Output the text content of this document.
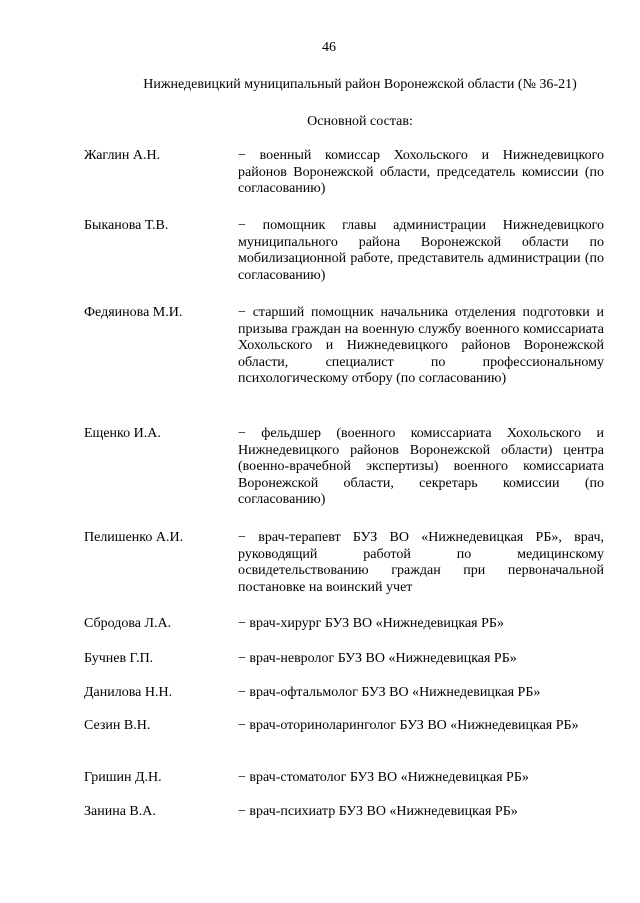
46
Нижнедевицкий муниципальный район Воронежской области (№ 36-21)
Основной состав:
Жаглин А.Н.	− военный комиссар Хохольского и Нижнедевицкого районов Воронежской области, председатель комиссии (по согласованию)
Быканова Т.В.	− помощник главы администрации Нижнедевицкого муниципального района Воронежской области по мобилизационной работе, представитель администрации (по согласованию)
Федяинова М.И.	− старший помощник начальника отделения подготовки и призыва граждан на военную службу военного комиссариата Хохольского и Нижнедевицкого районов Воронежской области, специалист по профессиональному психологическому отбору (по согласованию)
Ещенко И.А.	− фельдшер (военного комиссариата Хохольского и Нижнедевицкого районов Воронежской области) центра (военно-врачебной экспертизы) военного комиссариата Воронежской области, секретарь комиссии (по согласованию)
Пелишенко А.И.	− врач-терапевт БУЗ ВО «Нижнедевицкая РБ», врач, руководящий работой по медицинскому освидетельствованию граждан при первоначальной постановке на воинский учет
Сбродова Л.А.	− врач-хирург БУЗ ВО «Нижнедевицкая РБ»
Бучнев Г.П.	− врач-невролог БУЗ ВО «Нижнедевицкая РБ»
Данилова Н.Н.	− врач-офтальмолог БУЗ ВО «Нижнедевицкая РБ»
Сезин В.Н.	− врач-оториноларинголог БУЗ ВО «Нижнедевицкая РБ»
Гришин Д.Н.	− врач-стоматолог БУЗ ВО «Нижнедевицкая РБ»
Занина В.А.	− врач-психиатр БУЗ ВО «Нижнедевицкая РБ»
